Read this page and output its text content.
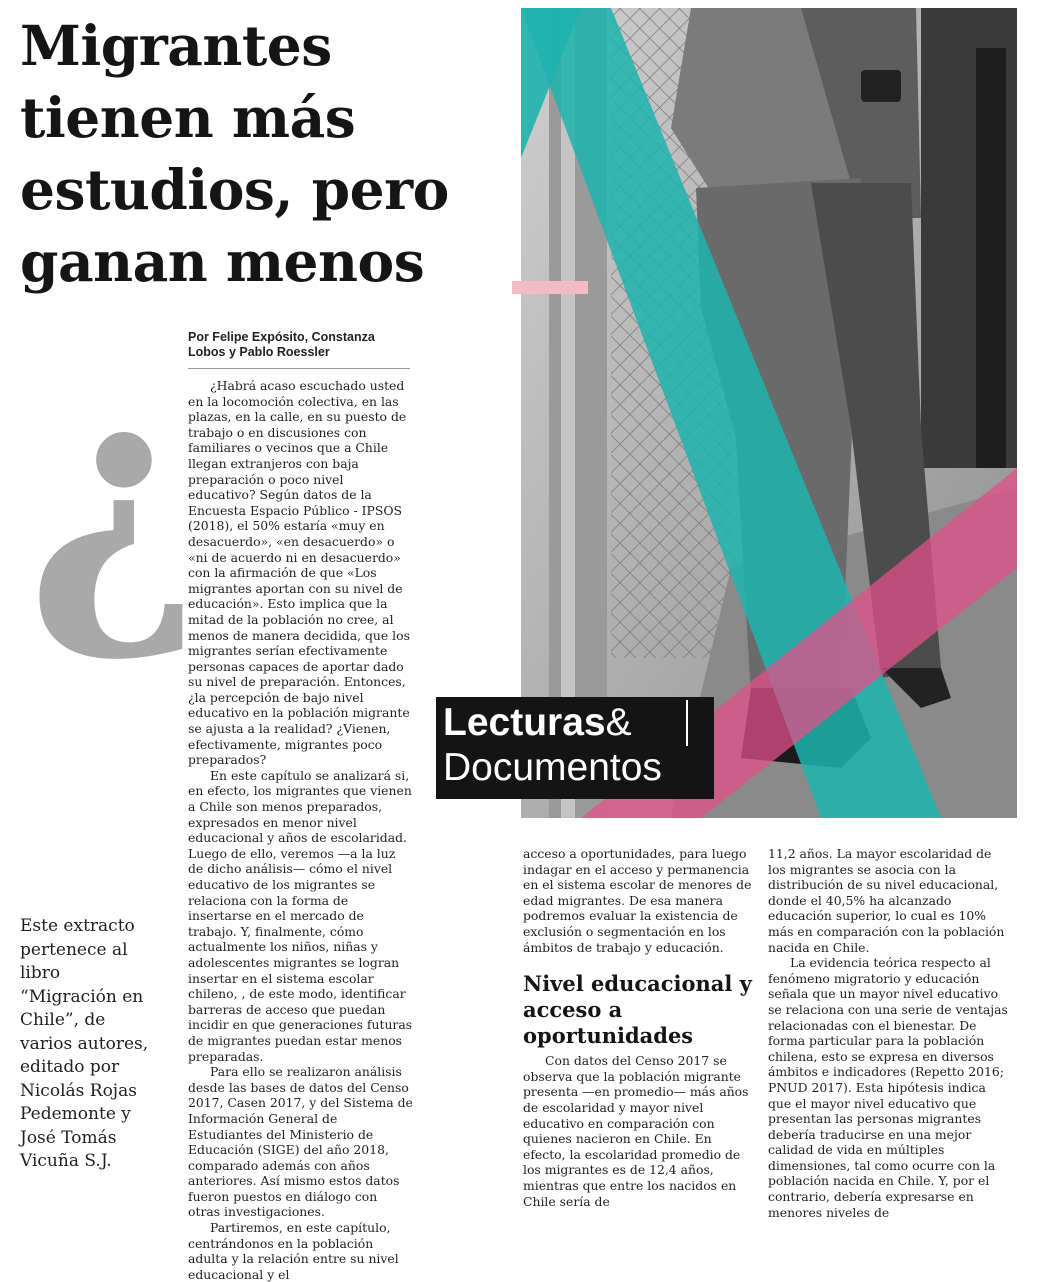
Migrantes
tienen más
estudios, pero
ganan menos
Lecturas&
Documentos
Por Felipe Expósito, Constanza Lobos y Pablo Roessler
¿ ¿Habrá acaso escuchado usted en la locomoción colectiva, en las plazas, en la calle, en su puesto de trabajo o en discusiones con familiares o vecinos que a Chile llegan extranjeros con baja preparación o poco nivel educativo? Según datos de la Encuesta Espacio Público - IPSOS (2018), el 50% estaría «muy en desacuerdo», «en desacuerdo» o «ni de acuerdo ni en desacuerdo» con la afirmación de que «Los migrantes aportan con su nivel de educación». Esto implica que la mitad de la población no cree, al menos de manera decidida, que los migrantes serían efectivamente personas capaces de aportar dado su nivel de preparación. Entonces, ¿la percepción de bajo nivel educativo en la población migrante se ajusta a la realidad? ¿Vienen, efectivamente, migrantes poco preparados?

En este capítulo se analizará si, en efecto, los migrantes que vienen a Chile son menos preparados, expresados en menor nivel educacional y años de escolaridad. Luego de ello, veremos —a la luz de dicho análisis— cómo el nivel educativo de los migrantes se relaciona con la forma de insertarse en el mercado de trabajo. Y, finalmente, cómo actualmente los niños, niñas y adolescentes migrantes se logran insertar en el sistema escolar chileno, , de este modo, identificar barreras de acceso que puedan incidir en que generaciones futuras de migrantes puedan estar menos preparadas.

Para ello se realizaron análisis desde las bases de datos del Censo 2017, Casen 2017, y del Sistema de Información General de Estudiantes del Ministerio de Educación (SIGE) del año 2018, comparado además con años anteriores. Así mismo estos datos fueron puestos en diálogo con otras investigaciones.

Partiremos, en este capítulo, centrándonos en la población adulta y la relación entre su nivel educacional y el

Este extracto pertenece al libro “Migración en Chile”, de varios autores, editado por Nicolás Rojas Pedemonte y José Tomás Vicuña S.J.

acceso a oportunidades, para luego indagar en el acceso y permanencia en el sistema escolar de menores de edad migrantes. De esa manera podremos evaluar la existencia de exclusión o segmentación en los ámbitos de trabajo y educación.

Nivel educacional y acceso a oportunidades

Con datos del Censo 2017 se observa que la población migrante presenta —en promedio— más años de escolaridad y mayor nivel educativo en comparación con quienes nacieron en Chile. En efecto, la escolaridad promedio de los migrantes es de 12,4 años, mientras que entre los nacidos en Chile sería de

11,2 años. La mayor escolaridad de los migrantes se asocia con la distribución de su nivel educacional, donde el 40,5% ha alcanzado educación superior, lo cual es 10% más en comparación con la población nacida en Chile.

La evidencia teórica respecto al fenómeno migratorio y educación señala que un mayor nivel educativo se relaciona con una serie de ventajas relacionadas con el bienestar. De forma particular para la población chilena, esto se expresa en diversos ámbitos e indicadores (Repetto 2016; PNUD 2017). Esta hipótesis indica que el mayor nivel educativo que presentan las personas migrantes debería traducirse en una mejor calidad de vida en múltiples dimensiones, tal como ocurre con la población nacida en Chile. Y, por el contrario, debería expresarse en menores niveles de
